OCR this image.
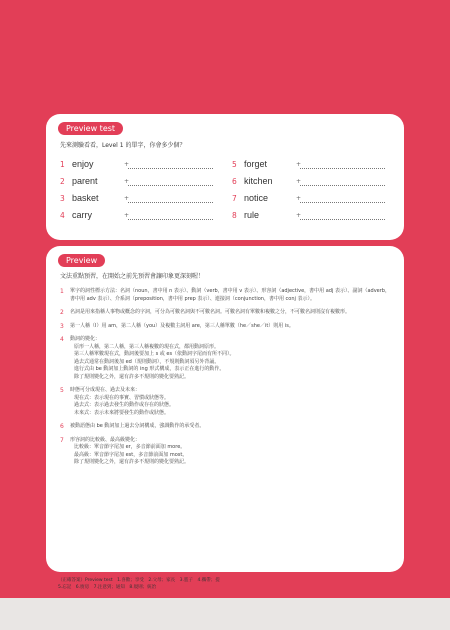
Preview test
先來測驗看看，Level 1 的單字，你會多少個？
1 enjoy	+
2 parent	+
3 basket	+
4 carry	+
5 forget	+
6 kitchen	+
7 notice	+
8 rule	+
Preview
文法重點預習，在開始之前先預習會讓印象更深刻喔！
1 單字的詞性標示方法：名詞（noun，書中用 n 表示）、動詞（verb，書中用 v 表示）、形容詞（adjective，書中用 adj 表示）、副詞（adverb，書中用 adv 表示）、介系詞（preposition，書中用 prep 表示）、連接詞（conjunction，書中用 conj 表示）。
2 名詞是用來指稱人事物或概念的字詞，可分為可數名詞與不可數名詞。可數名詞有單數和複數之分，不可數名詞則沒有複數形。
3 第一人稱（I）用 am，第二人稱（you）及複數主詞用 are，第三人稱單數（he／she／it）則用 is。
4 動詞的變化：
原形一人稱，第二人稱，第三人稱複數的現在式，都用動詞原形。
第三人稱單數現在式，動詞後要加上 s 或 es（依動詞字尾而有所不同）。
過去式通常在動詞後加 ed（規則動詞），不規則動詞須另外背誦。
進行式由 be 動詞加上動詞的 ing 形式構成，表示正在進行的動作。
除了規則變化之外，還有許多不規則的變化要熟記。
5 時態可分成現在、過去及未來：
現在式：表示現在的事實、習慣或狀態等。
過去式：表示過去發生的動作或存在的狀態。
未來式：表示未來將要發生的動作或狀態。
6 被動語態由 be 動詞加上過去分詞構成，強調動作的承受者。
7 形容詞的比較級、最高級變化：
比較級：單音節字尾加 er，多音節前面加 more。
最高級：單音節字尾加 est，多音節前面加 most。
除了規則變化之外，還有許多不規則的變化要熟記。
（正確答案）Preview test　1.喜歡；享受　2.父母；家長　3.籃子　4.攜帶；提
5.忘記　6.廚房　7.注意到；通知　8.規則；統治
